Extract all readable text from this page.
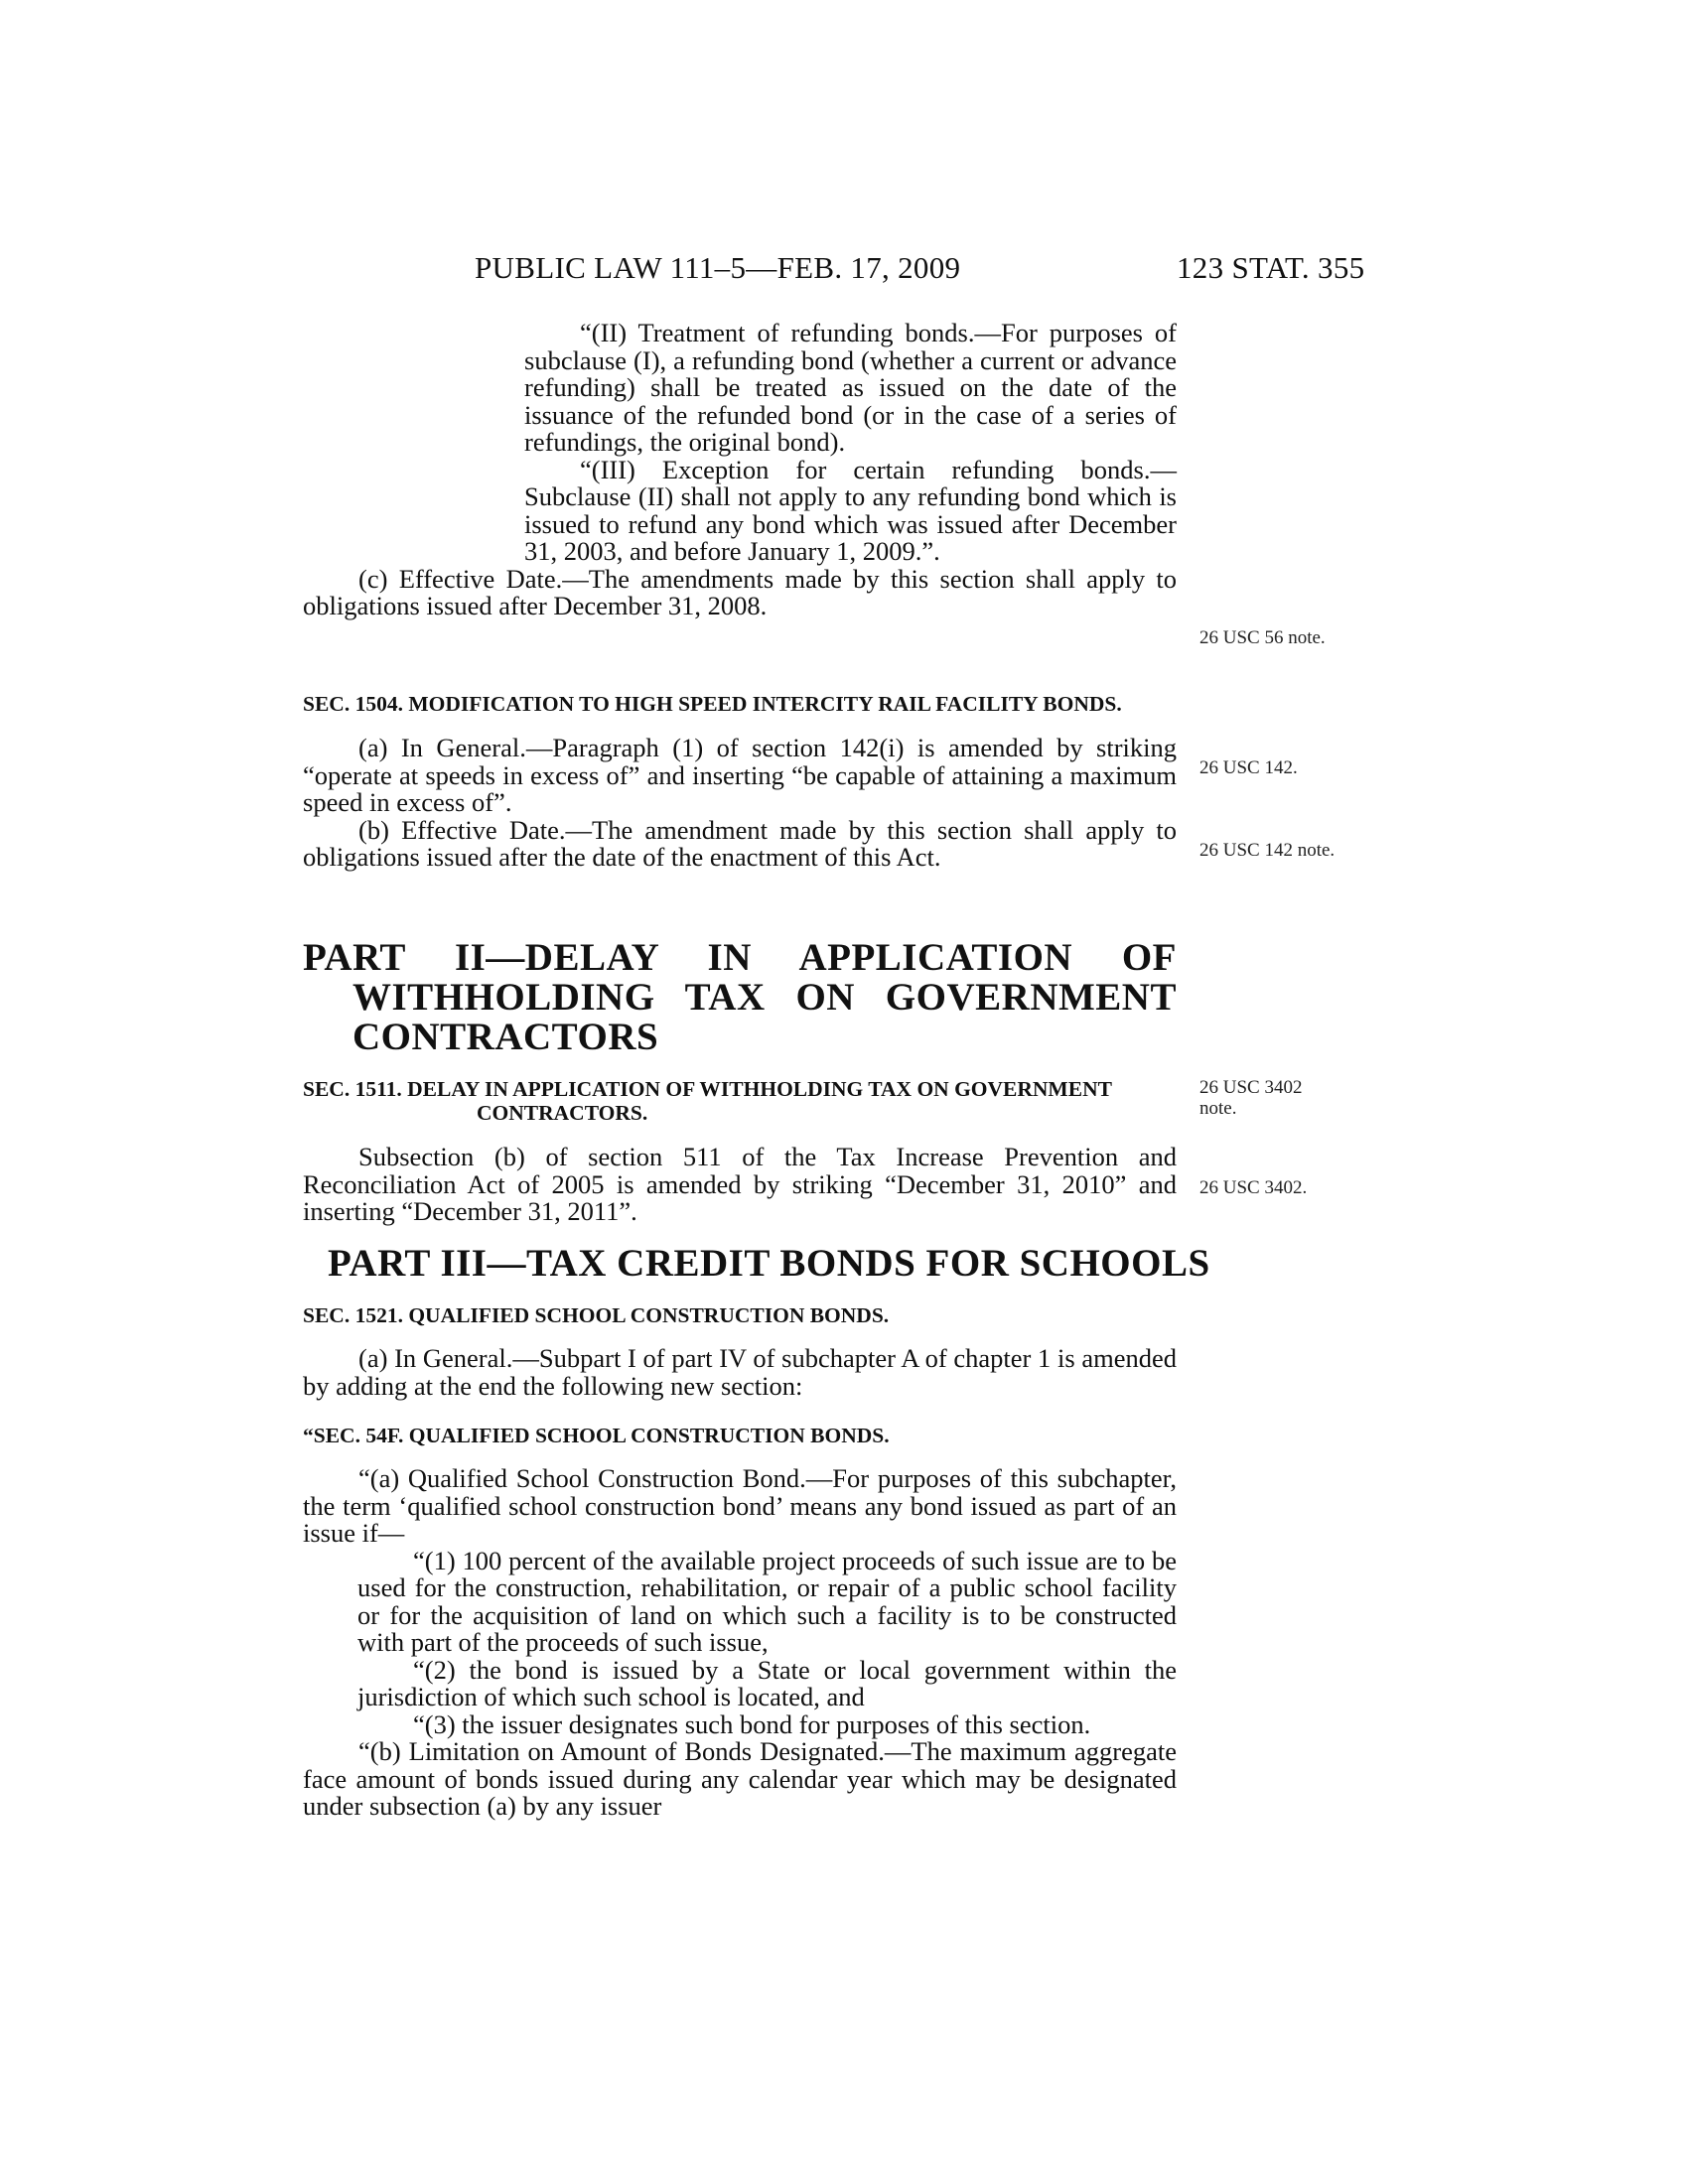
PUBLIC LAW 111–5—FEB. 17, 2009	123 STAT. 355

“(II) Treatment of refunding bonds.—For purposes of subclause (I), a refunding bond (whether a current or advance refunding) shall be treated as issued on the date of the issuance of the refunded bond (or in the case of a series of refundings, the original bond).

“(III) Exception for certain refunding bonds.—Subclause (II) shall not apply to any refunding bond which is issued to refund any bond which was issued after December 31, 2003, and before January 1, 2009.”.

(c) Effective Date.—The amendments made by this section shall apply to obligations issued after December 31, 2008.

SEC. 1504. MODIFICATION TO HIGH SPEED INTERCITY RAIL FACILITY BONDS.

(a) In General.—Paragraph (1) of section 142(i) is amended by striking “operate at speeds in excess of” and inserting “be capable of attaining a maximum speed in excess of”.

(b) Effective Date.—The amendment made by this section shall apply to obligations issued after the date of the enactment of this Act.

PART II—DELAY IN APPLICATION OF WITHHOLDING TAX ON GOVERNMENT CONTRACTORS

SEC. 1511. DELAY IN APPLICATION OF WITHHOLDING TAX ON GOVERNMENT CONTRACTORS.

Subsection (b) of section 511 of the Tax Increase Prevention and Reconciliation Act of 2005 is amended by striking “December 31, 2010” and inserting “December 31, 2011”.

PART III—TAX CREDIT BONDS FOR SCHOOLS

SEC. 1521. QUALIFIED SCHOOL CONSTRUCTION BONDS.

(a) In General.—Subpart I of part IV of subchapter A of chapter 1 is amended by adding at the end the following new section:

“SEC. 54F. QUALIFIED SCHOOL CONSTRUCTION BONDS.

“(a) Qualified School Construction Bond.—For purposes of this subchapter, the term ‘qualified school construction bond’ means any bond issued as part of an issue if—

“(1) 100 percent of the available project proceeds of such issue are to be used for the construction, rehabilitation, or repair of a public school facility or for the acquisition of land on which such a facility is to be constructed with part of the proceeds of such issue,

“(2) the bond is issued by a State or local government within the jurisdiction of which such school is located, and

“(3) the issuer designates such bond for purposes of this section.

“(b) Limitation on Amount of Bonds Designated.—The maximum aggregate face amount of bonds issued during any calendar year which may be designated under subsection (a) by any issuer

26 USC 56 note.
26 USC 142.
26 USC 142 note.
26 USC 3402
note.
26 USC 3402.
